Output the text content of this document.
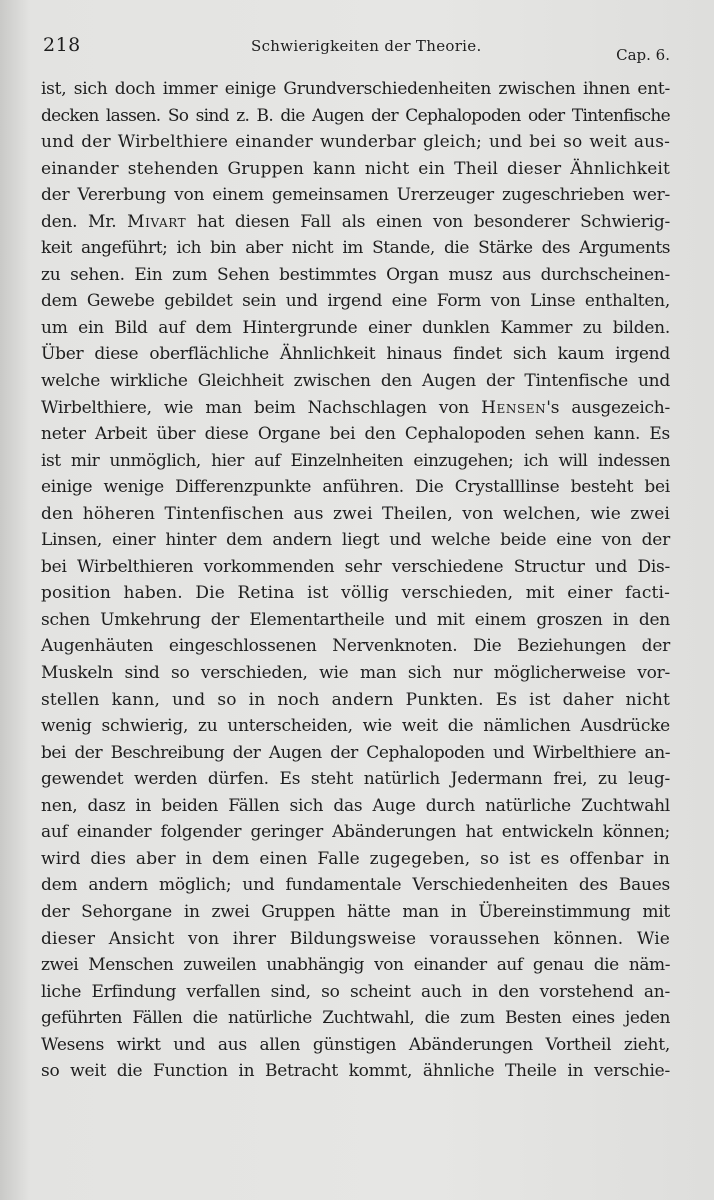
218	Schwierigkeiten der Theorie.	Cap. 6.
ist, sich doch immer einige Grundverschiedenheiten zwischen ihnen ent-
decken lassen. So sind z. B. die Augen der Cephalopoden oder Tintenfische
und der Wirbelthiere einander wunderbar gleich; und bei so weit aus-
einander stehenden Gruppen kann nicht ein Theil dieser Ähnlichkeit
der Vererbung von einem gemeinsamen Urerzeuger zugeschrieben wer-
den. Mr. Mivart hat diesen Fall als einen von besonderer Schwierig-
keit angeführt; ich bin aber nicht im Stande, die Stärke des Arguments
zu sehen. Ein zum Sehen bestimmtes Organ musz aus durchscheinen-
dem Gewebe gebildet sein und irgend eine Form von Linse enthalten,
um ein Bild auf dem Hintergrunde einer dunklen Kammer zu bilden.
Über diese oberflächliche Ähnlichkeit hinaus findet sich kaum irgend
welche wirkliche Gleichheit zwischen den Augen der Tintenfische und
Wirbelthiere, wie man beim Nachschlagen von Hensen's ausgezeich-
neter Arbeit über diese Organe bei den Cephalopoden sehen kann. Es
ist mir unmöglich, hier auf Einzelnheiten einzugehen; ich will indessen
einige wenige Differenzpunkte anführen. Die Crystalllinse besteht bei
den höheren Tintenfischen aus zwei Theilen, von welchen, wie zwei
Linsen, einer hinter dem andern liegt und welche beide eine von der
bei Wirbelthieren vorkommenden sehr verschiedene Structur und Dis-
position haben. Die Retina ist völlig verschieden, mit einer facti-
schen Umkehrung der Elementartheile und mit einem groszen in den
Augenhäuten eingeschlossenen Nervenknoten. Die Beziehungen der
Muskeln sind so verschieden, wie man sich nur möglicherweise vor-
stellen kann, und so in noch andern Punkten. Es ist daher nicht
wenig schwierig, zu unterscheiden, wie weit die nämlichen Ausdrücke
bei der Beschreibung der Augen der Cephalopoden und Wirbelthiere an-
gewendet werden dürfen. Es steht natürlich Jedermann frei, zu leug-
nen, dasz in beiden Fällen sich das Auge durch natürliche Zuchtwahl
auf einander folgender geringer Abänderungen hat entwickeln können;
wird dies aber in dem einen Falle zugegeben, so ist es offenbar in
dem andern möglich; und fundamentale Verschiedenheiten des Baues
der Sehorgane in zwei Gruppen hätte man in Übereinstimmung mit
dieser Ansicht von ihrer Bildungsweise voraussehen können. Wie
zwei Menschen zuweilen unabhängig von einander auf genau die näm-
liche Erfindung verfallen sind, so scheint auch in den vorstehend an-
geführten Fällen die natürliche Zuchtwahl, die zum Besten eines jeden
Wesens wirkt und aus allen günstigen Abänderungen Vortheil zieht,
so weit die Function in Betracht kommt, ähnliche Theile in verschie-
